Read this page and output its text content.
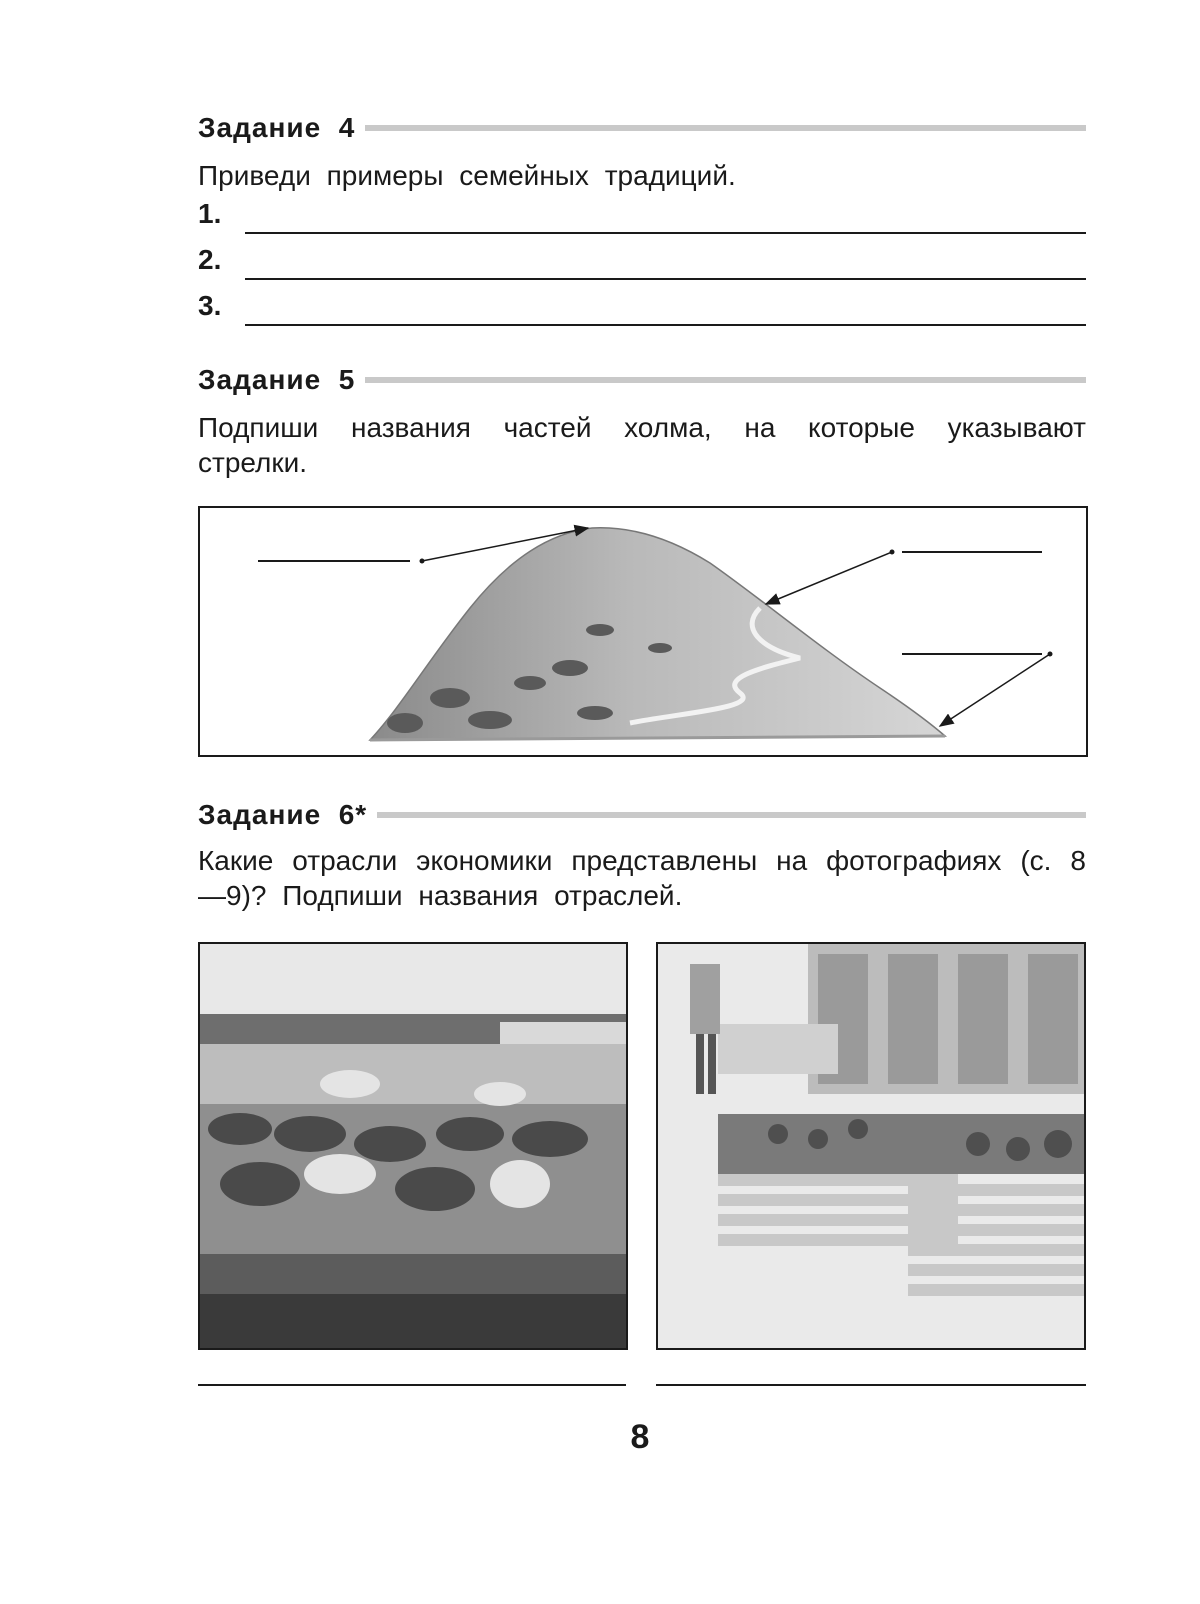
Задание  4
Приведи примеры семейных традиций.
1.
2.
3.
Задание  5
Подпиши названия частей холма, на которые указывают стрелки.
Задание  6*
Какие отрасли экономики представлены на фотографиях (с. 8—9)? Подпиши названия отраслей.
8
